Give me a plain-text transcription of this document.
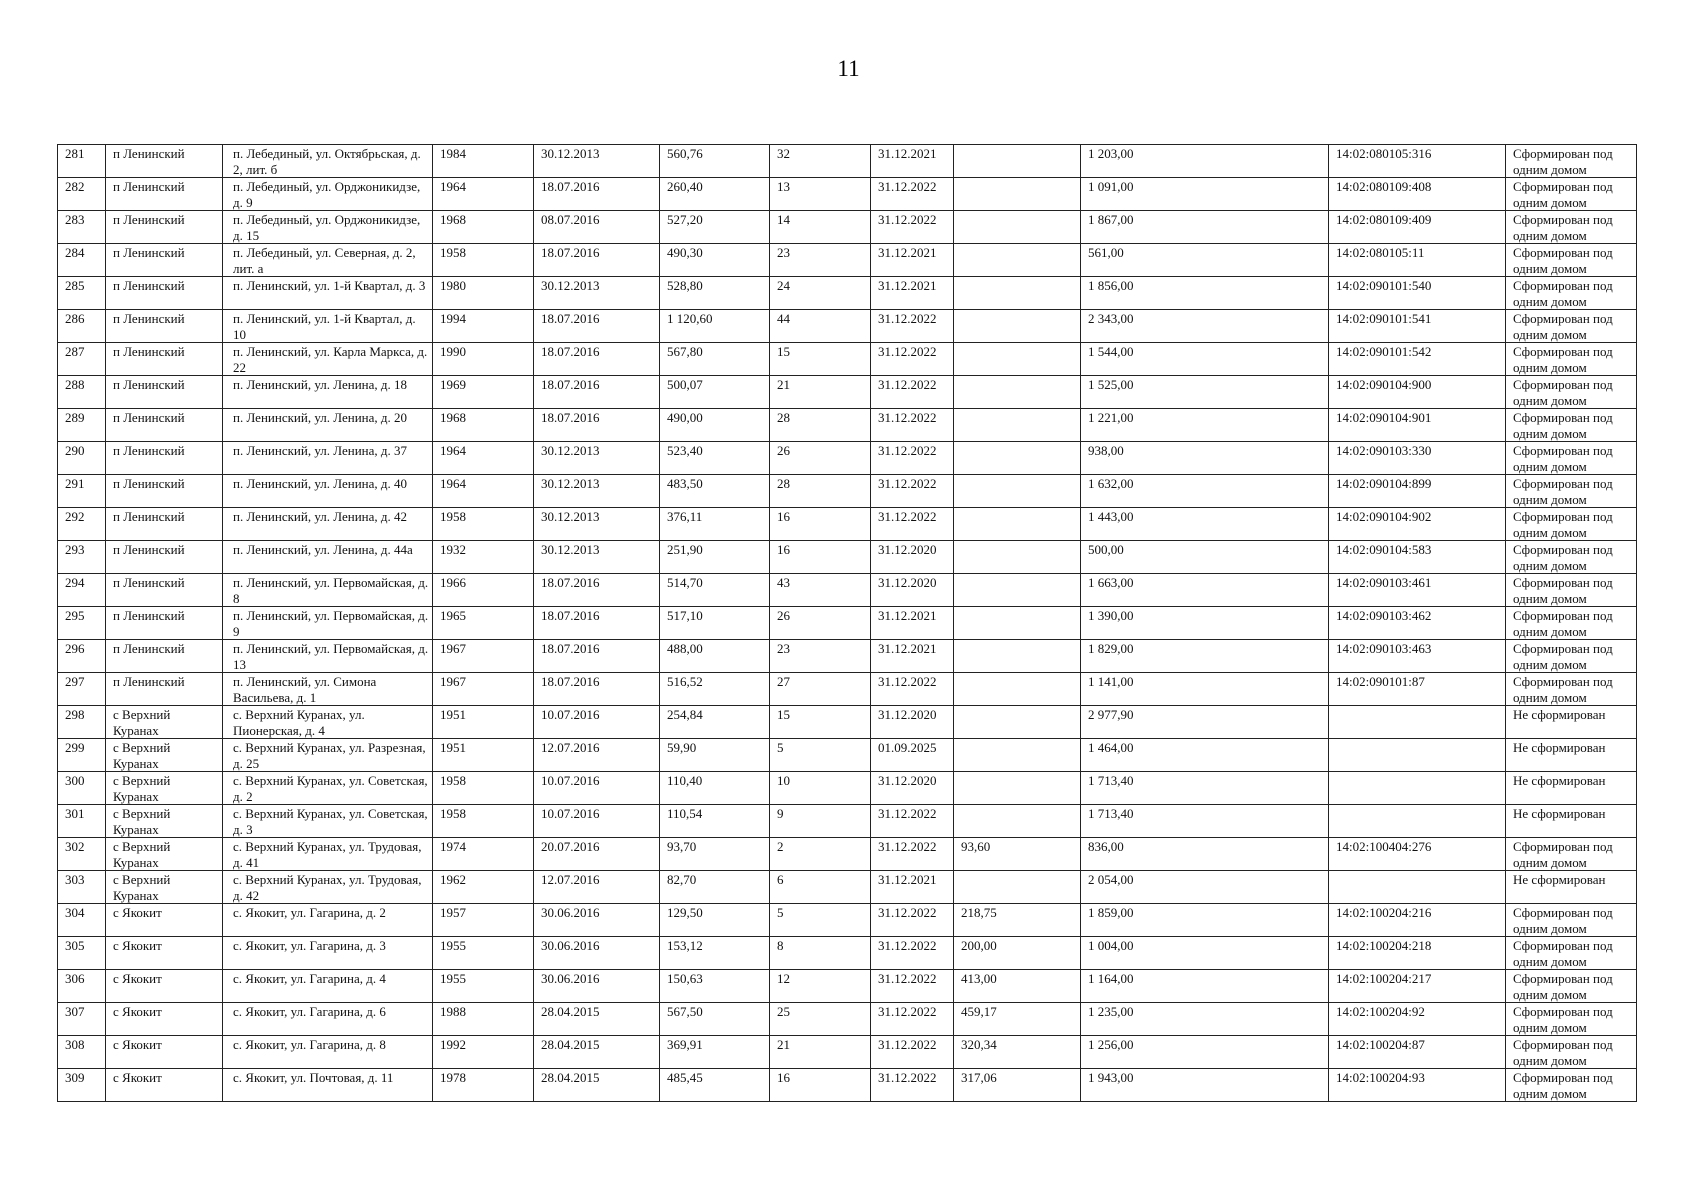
11
281	п Ленинский	п. Лебединый, ул. Октябрьская, д. 2, лит. б	1984	30.12.2013	560,76	32	31.12.2021		1 203,00	14:02:080105:316	Сформирован под одним домом
282	п Ленинский	п. Лебединый, ул. Орджоникидзе, д. 9	1964	18.07.2016	260,40	13	31.12.2022		1 091,00	14:02:080109:408	Сформирован под одним домом
283	п Ленинский	п. Лебединый, ул. Орджоникидзе, д. 15	1968	08.07.2016	527,20	14	31.12.2022		1 867,00	14:02:080109:409	Сформирован под одним домом
284	п Ленинский	п. Лебединый, ул. Северная, д. 2, лит. а	1958	18.07.2016	490,30	23	31.12.2021		561,00	14:02:080105:11	Сформирован под одним домом
285	п Ленинский	п. Ленинский, ул. 1-й Квартал, д. 3	1980	30.12.2013	528,80	24	31.12.2021		1 856,00	14:02:090101:540	Сформирован под одним домом
286	п Ленинский	п. Ленинский, ул. 1-й Квартал, д. 10	1994	18.07.2016	1 120,60	44	31.12.2022		2 343,00	14:02:090101:541	Сформирован под одним домом
287	п Ленинский	п. Ленинский, ул. Карла Маркса, д. 22	1990	18.07.2016	567,80	15	31.12.2022		1 544,00	14:02:090101:542	Сформирован под одним домом
288	п Ленинский	п. Ленинский, ул. Ленина, д. 18	1969	18.07.2016	500,07	21	31.12.2022		1 525,00	14:02:090104:900	Сформирован под одним домом
289	п Ленинский	п. Ленинский, ул. Ленина, д. 20	1968	18.07.2016	490,00	28	31.12.2022		1 221,00	14:02:090104:901	Сформирован под одним домом
290	п Ленинский	п. Ленинский, ул. Ленина, д. 37	1964	30.12.2013	523,40	26	31.12.2022		938,00	14:02:090103:330	Сформирован под одним домом
291	п Ленинский	п. Ленинский, ул. Ленина, д. 40	1964	30.12.2013	483,50	28	31.12.2022		1 632,00	14:02:090104:899	Сформирован под одним домом
292	п Ленинский	п. Ленинский, ул. Ленина, д. 42	1958	30.12.2013	376,11	16	31.12.2022		1 443,00	14:02:090104:902	Сформирован под одним домом
293	п Ленинский	п. Ленинский, ул. Ленина, д. 44а	1932	30.12.2013	251,90	16	31.12.2020		500,00	14:02:090104:583	Сформирован под одним домом
294	п Ленинский	п. Ленинский, ул. Первомайская, д. 8	1966	18.07.2016	514,70	43	31.12.2020		1 663,00	14:02:090103:461	Сформирован под одним домом
295	п Ленинский	п. Ленинский, ул. Первомайская, д. 9	1965	18.07.2016	517,10	26	31.12.2021		1 390,00	14:02:090103:462	Сформирован под одним домом
296	п Ленинский	п. Ленинский, ул. Первомайская, д. 13	1967	18.07.2016	488,00	23	31.12.2021		1 829,00	14:02:090103:463	Сформирован под одним домом
297	п Ленинский	п. Ленинский, ул. Симона Васильева, д. 1	1967	18.07.2016	516,52	27	31.12.2022		1 141,00	14:02:090101:87	Сформирован под одним домом
298	с Верхний Куранах	с. Верхний Куранах, ул. Пионерская, д. 4	1951	10.07.2016	254,84	15	31.12.2020		2 977,90		Не сформирован
299	с Верхний Куранах	с. Верхний Куранах, ул. Разрезная, д. 25	1951	12.07.2016	59,90	5	01.09.2025		1 464,00		Не сформирован
300	с Верхний Куранах	с. Верхний Куранах, ул. Советская, д. 2	1958	10.07.2016	110,40	10	31.12.2020		1 713,40		Не сформирован
301	с Верхний Куранах	с. Верхний Куранах, ул. Советская, д. 3	1958	10.07.2016	110,54	9	31.12.2022		1 713,40		Не сформирован
302	с Верхний Куранах	с. Верхний Куранах, ул. Трудовая, д. 41	1974	20.07.2016	93,70	2	31.12.2022	93,60	836,00	14:02:100404:276	Сформирован под одним домом
303	с Верхний Куранах	с. Верхний Куранах, ул. Трудовая, д. 42	1962	12.07.2016	82,70	6	31.12.2021		2 054,00		Не сформирован
304	с Якокит	с. Якокит, ул. Гагарина, д. 2	1957	30.06.2016	129,50	5	31.12.2022	218,75	1 859,00	14:02:100204:216	Сформирован под одним домом
305	с Якокит	с. Якокит, ул. Гагарина, д. 3	1955	30.06.2016	153,12	8	31.12.2022	200,00	1 004,00	14:02:100204:218	Сформирован под одним домом
306	с Якокит	с. Якокит, ул. Гагарина, д. 4	1955	30.06.2016	150,63	12	31.12.2022	413,00	1 164,00	14:02:100204:217	Сформирован под одним домом
307	с Якокит	с. Якокит, ул. Гагарина, д. 6	1988	28.04.2015	567,50	25	31.12.2022	459,17	1 235,00	14:02:100204:92	Сформирован под одним домом
308	с Якокит	с. Якокит, ул. Гагарина, д. 8	1992	28.04.2015	369,91	21	31.12.2022	320,34	1 256,00	14:02:100204:87	Сформирован под одним домом
309	с Якокит	с. Якокит, ул. Почтовая, д. 11	1978	28.04.2015	485,45	16	31.12.2022	317,06	1 943,00	14:02:100204:93	Сформирован под одним домом
